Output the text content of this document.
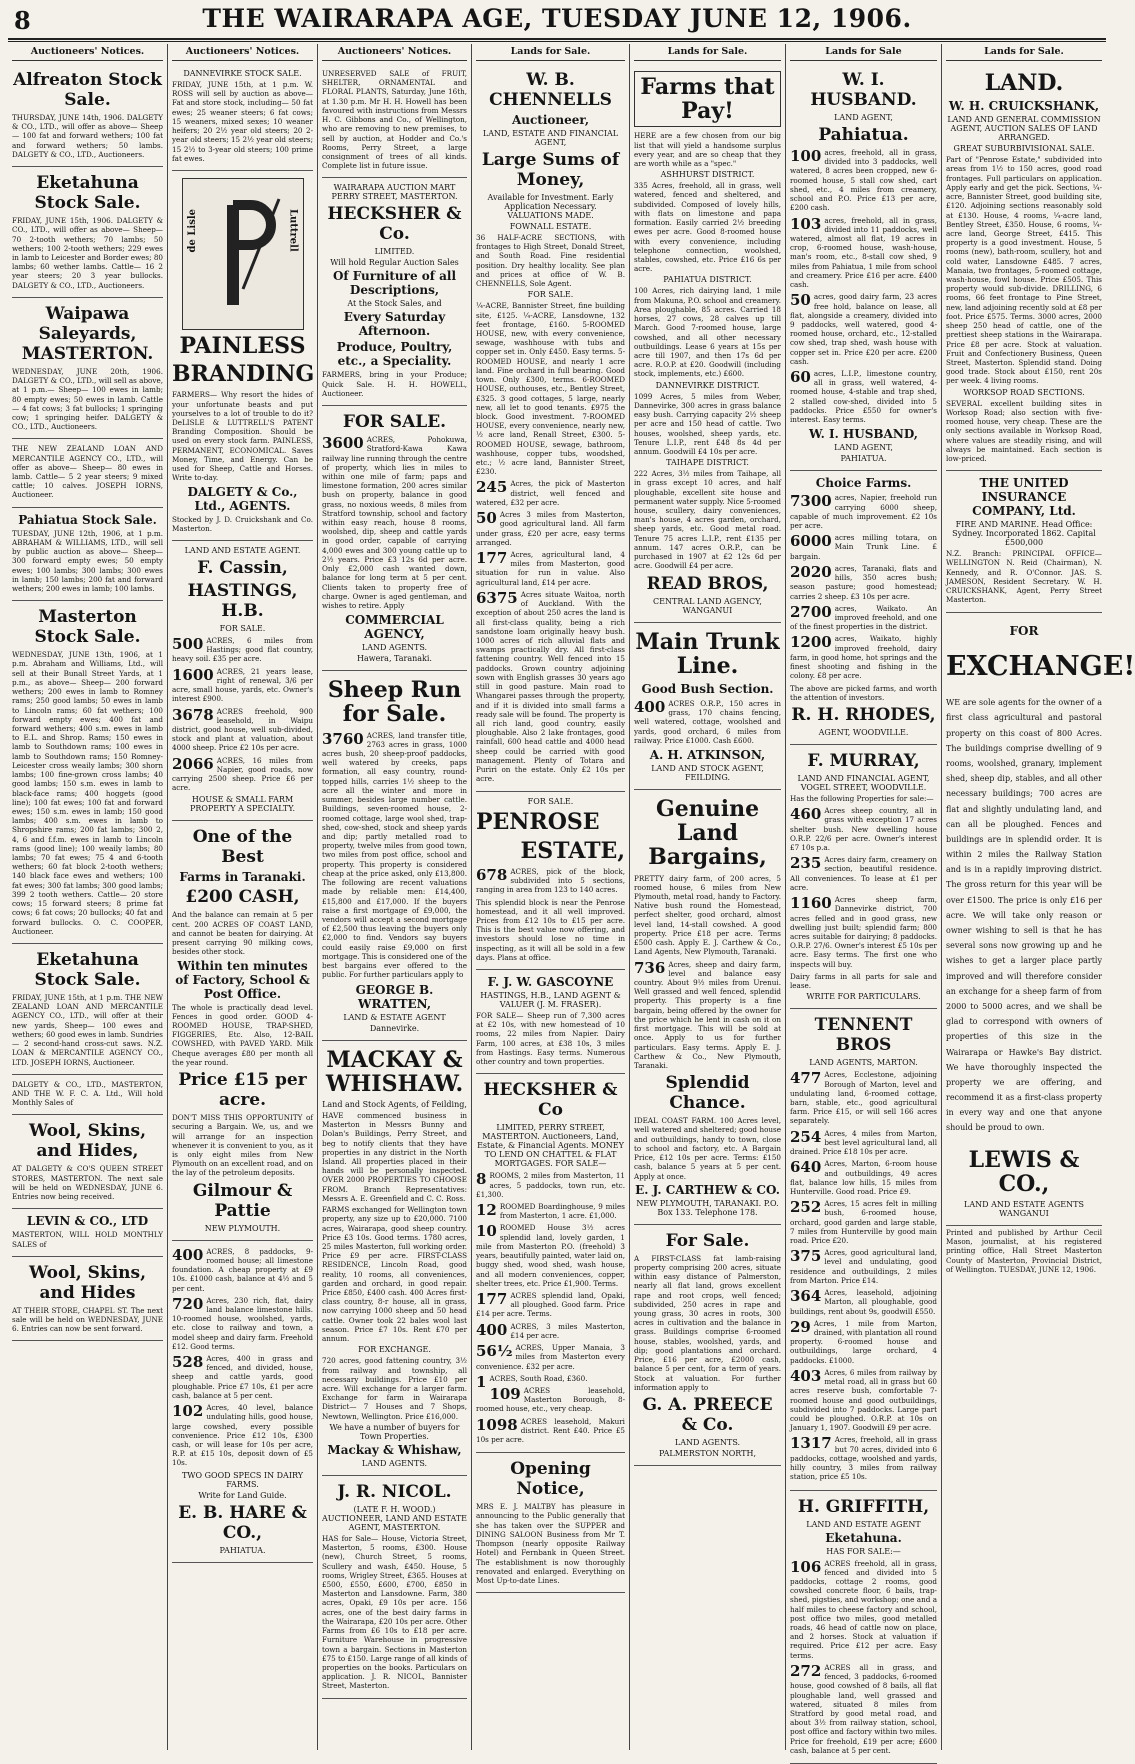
8	THE WAIRARAPA AGE, TUESDAY JUNE 12, 1906.
Auctioneers' Notices.
Alfreaton Stock Sale.
THURSDAY, JUNE 14th, 1906. DALGETY & CO., LTD., will offer as above— Sheep— 100 fat and forward wethers; 100 fat and forward wethers; 50 lambs. DALGETY & CO., LTD., Auctioneers.
Eketahuna Stock Sale.
FRIDAY, JUNE 15th, 1906. DALGETY & CO., LTD., will offer as above— Sheep— 70 2-tooth wethers; 70 lambs; 50 wethers; 100 2-tooth wethers; 229 ewes in lamb to Leicester and Border ewes; 80 lambs; 60 wether lambs. Cattle— 16 2 year steers; 20 3 year bullocks. DALGETY & CO., LTD., Auctioneers.
Waipawa Saleyards, MASTERTON.
WEDNESDAY, JUNE 20th, 1906. DALGETY & CO., LTD., will sell as above, at 1 p.m.— Sheep— 100 ewes in lamb; 80 empty ewes; 50 ewes in lamb. Cattle— 4 fat cows; 3 fat bullocks; 1 springing cow; 1 springing heifer. DALGETY & CO., LTD., Auctioneers.
THE NEW ZEALAND LOAN AND MERCANTILE AGENCY CO., LTD., will offer as above— Sheep— 80 ewes in lamb. Cattle— 5 2 year steers; 9 mixed cattle; 10 calves. JOSEPH IORNS, Auctioneer.
Pahiatua Stock Sale.
TUESDAY, JUNE 12th, 1906, at 1 p.m. ABRAHAM & WILLIAMS, LTD., will sell by public auction as above— Sheep— 300 forward empty ewes; 50 empty ewes; 100 lambs; 300 lambs; 300 ewes in lamb; 150 lambs; 200 fat and forward wethers; 200 ewes in lamb; 100 lambs.
Masterton Stock Sale.
WEDNESDAY, JUNE 13th, 1906, at 1 p.m. Abraham and Williams, Ltd., will sell at their Bunall Street Yards, at 1 p.m., as above— Sheep— 200 forward wethers; 200 ewes in lamb to Romney rams; 250 good lambs; 50 ewes in lamb to Lincoln rams; 60 fat wethers; 100 forward empty ewes; 400 fat and forward wethers; 400 s.m. ewes in lamb to E.L. and Shrop. Rams; 150 ewes in lamb to Southdown rams; 100 ewes in lamb to Southdown rams; 150 Romney-Leicester cross weaily lambs; 300 shorn lambs; 100 fine-grown cross lambs; 40 good lambs; 150 s.m. ewes in lamb to black-face rams; 400 hoggets (good line); 100 fat ewes; 100 fat and forward ewes; 150 s.m. ewes in lamb; 150 good lambs; 400 s.m. ewes in lamb to Shropshire rams; 200 fat lambs; 300 2, 4, 6 and f.f.m. ewes in lamb to Lincoln rams (good line); 100 weaily lambs; 80 lambs; 70 fat ewes; 75 4 and 6-tooth wethers; 60 fat block 2-tooth wethers; 140 black face ewes and wethers; 100 fat ewes; 300 fat lambs; 300 good lambs; 399 2 tooth wethers. Cattle— 20 store cows; 15 forward steers; 8 prime fat cows; 6 fat cows; 20 bullocks; 40 fat and forward bullocks. O. C. COOPER, Auctioneer.
Eketahuna Stock Sale.
FRIDAY, JUNE 15th, at 1 p.m. THE NEW ZEALAND LOAN AND MERCANTILE AGENCY CO., LTD., will offer at their new yards, Sheep— 100 ewes and wethers; 60 good ewes in lamb. Sundries— 2 second-hand cross-cut saws. N.Z. LOAN & MERCANTILE AGENCY CO., LTD. JOSEPH IORNS, Auctioneer.
DALGETY & CO., LTD., MASTERTON, AND THE W. F. C. A. Ltd., Will hold Monthly Sales of
Wool, Skins, and Hides,
AT DALGETY & CO'S QUEEN STREET STORES, MASTERTON. The next sale will be held on WEDNESDAY, JUNE 6. Entries now being received.
LEVIN & CO., LTD
MASTERTON, WILL HOLD MONTHLY SALES of
Wool, Skins, and Hides
AT THEIR STORE, CHAPEL ST. The next sale will be held on WEDNESDAY, JUNE 6. Entries can now be sent forward.
Auctioneers' Notices.
DANNEVIRKE STOCK SALE.
FRIDAY, JUNE 15th, at 1 p.m. W. ROSS will sell by auction as above— Fat and store stock, including— 50 fat ewes; 25 weaner steers; 6 fat cows; 15 weaners, mixed sexes; 10 weaner heifers; 20 2½ year old steers; 20 2-year old steers; 15 2½ year old steers; 15 2½ to 3-year old steers; 100 prime fat ewes.
de Lisle	Luttrell
PAINLESS
BRANDING
FARMERS— Why resort the hides of your unfortunate beasts and put yourselves to a lot of trouble to do it? DeLISLE & LUTTRELL'S PATENT Branding Composition. Should be used on every stock farm. PAINLESS, PERMANENT, ECONOMICAL. Saves Money, Time, and Energy. Can be used for Sheep, Cattle and Horses. Write to-day.
DALGETY & Co., Ltd., AGENTS.
Stocked by J. D. Cruickshank and Co. Masterton.
LAND AND ESTATE AGENT.
F. Cassin,
HASTINGS, H.B.
FOR SALE.
500 ACRES, 6 miles from Hastings; good flat country, heavy soil. £35 per acre.
1600 ACRES, 21 years lease, right of renewal, 3/6 per acre, small house, yards, etc. Owner's interest £900.
3678 ACRES freehold, 900 leasehold, in Waipu district, good house, well sub-divided, stock and plant at valuation, about 4000 sheep. Price £2 10s per acre.
2066 ACRES, 16 miles from Napier, good roads, now carrying 2500 sheep. Price £6 per acre.
HOUSE & SMALL FARM PROPERTY A SPECIALTY.
One of the Best
Farms in Taranaki.
£200 CASH,
And the balance can remain at 5 per cent. 200 ACRES OF COAST LAND, and cannot be beaten for dairying. At present carrying 90 milking cows, besides other stock.
Within ten minutes of Factory, School & Post Office.
The whole is practically dead level. Fences in good order. GOOD 4-ROOMED HOUSE, TRAP-SHED, FIGGERIES, Etc. Also, 12-BAIL COWSHED, with PAVED YARD. Milk Cheque averages £80 per month all the year round.
Price £15 per acre.
DON'T MISS THIS OPPORTUNITY of securing a Bargain. We, us, and we will arrange for an inspection whenever it is convenient to you, as it is only eight miles from New Plymouth on an excellent road, and on the lay of the petroleum deposits.
Gilmour & Pattie
NEW PLYMOUTH.
400 ACRES, 8 paddocks, 9-roomed house; all limestone foundation. A cheap property at £9 10s. £1000 cash, balance at 4½ and 5 per cent.
720 Acres, 230 rich, flat, dairy land balance limestone hills. 10-roomed house, woolshed, yards, etc. close to railway and town, a model sheep and dairy farm. Freehold £12. Good terms.
528 Acres, 400 in grass and fenced, and divided, house, sheep and cattle yards, good ploughable. Price £7 10s, £1 per acre cash, balance at 5 per cent.
102 Acres, 40 level, balance undulating hills, good house, large cowshed, every possible convenience. Price £12 10s, £300 cash, or will lease for 10s per acre, R.P. at £15 10s, deposit down of £5 10s.
TWO GOOD SPECS IN DAIRY FARMS.
Write for Land Guide.
E. B. HARE & CO.,
PAHIATUA.
Auctioneers' Notices.
UNRESERVED SALE of FRUIT, SHELTER, ORNAMENTAL and FLORAL PLANTS, Saturday, June 16th, at 1.30 p.m. Mr H. H. Howell has been favoured with instructions from Messrs H. C. Gibbons and Co., of Wellington, who are removing to new premises, to sell by auction, at Hodder and Co.'s Rooms, Perry Street, a large consignment of trees of all kinds. Complete list in future issue.
WAIRARAPA AUCTION MART PERRY STREET, MASTERTON.
HECKSHER & Co.
LIMITED.
Will hold Regular Auction Sales
Of Furniture of all Descriptions,
At the Stock Sales, and
Every Saturday Afternoon.
Produce, Poultry, etc., a Speciality.
FARMERS, bring in your Produce; Quick Sale. H. H. HOWELL, Auctioneer.
FOR SALE.
3600 ACRES, Pohokuwa, Stratford-Kawa Kawa railway line running through the centre of property, which lies in miles to within one mile of farm; paps and limestone formation, 200 acres similar bush on property, balance in good grass, no noxious weeds, 8 miles from Stratford township, school and factory within easy reach, house 8 rooms, woolshed, dip, sheep and cattle yards in good order, capable of carrying 4,000 ewes and 300 young cattle up to 2½ years. Price £3 12s 6d per acre. Only £2,000 cash wanted down, balance for long term at 5 per cent. Clients taken to property free of charge. Owner is aged gentleman, and wishes to retire. Apply
COMMERCIAL AGENCY,
LAND AGENTS.
Hawera, Taranaki.
Sheep Run for Sale.
3760 ACRES, land transfer title, 2763 acres in grass, 1000 acres bush, 20 sheep-proof paddocks, well watered by creeks, paps formation, all easy country, round-topped hills, carries 1½ sheep to the acre all the winter and more in summer, besides large number cattle. Buildings, seven-roomed house, 2-roomed cottage, large wool shed, trap-shed, cow-shed, stock and sheep yards and dip; partly metalled road to property, twelve miles from good town, two miles from post office, school and property. This property is considered cheap at the price asked, only £13,800. The following are recent valuations made by reliable men: £14,400, £15,800 and £17,000. If the buyers raise a first mortgage of £9,000, the vendors will accept a second mortgage of £2,500 thus leaving the buyers only £2,000 to find. Vendors say buyers could easily raise £9,000 on first mortgage. This is considered one of the best bargains ever offered to the public. For further particulars apply to
GEORGE B. WRATTEN,
LAND & ESTATE AGENT
Dannevirke.
MACKAY & WHISHAW.
Land and Stock Agents, of Feilding,
HAVE commenced business in Masterton in Messrs Bunny and Dolan's Buildings, Perry Street, and beg to notify clients that they have properties in any district in the North Island. All properties placed in their hands will be personally inspected. OVER 2000 PROPERTIES TO CHOOSE FROM. Branch Representatives: Messrs A. E. Greenfield and C. C. Ross.
FARMS exchanged for Wellington town property, any size up to £20,000. 7100 acres, Wairarapa, good sheep country. Price £3 10s. Good terms. 1780 acres, 25 miles Masterton, full working order. Price £9 per acre. FIRST-CLASS RESIDENCE, Lincoln Road, good reality, 10 rooms, all conveniences, garden and orchard, in good repair. Price £850, £400 cash. 400 Acres first-class country, 8-r house, all in grass, now carrying 1000 sheep and 50 head cattle. Owner took 22 bales wool last season. Price £7 10s. Rent £70 per annum.
FOR EXCHANGE.
720 acres, good fattening country, 3½ from railway and township, all necessary buildings. Price £10 per acre. Will exchange for a larger farm. Exchange for farm in Wairarapa District— 7 Houses and 7 Shops, Newtown, Wellington. Price £16,000.
We have a number of buyers for Town Properties.
Mackay & Whishaw,
LAND AGENTS.
J. R. NICOL.
(LATE F. H. WOOD.) AUCTIONEER, LAND AND ESTATE AGENT, MASTERTON.
HAS for Sale— House, Victoria Street, Masterton, 5 rooms, £300. House (new), Church Street, 5 rooms, Scullery and wash, £450. House, 5 rooms, Wrigley Street, £365. Houses at £500, £550, £600, £700, £850 in Masterton and Lansdowne. Farm, 380 acres, Opaki, £9 10s per acre. 156 acres, one of the best dairy farms in the Wairarapa, £20 10s per acre. Other Farms from £6 10s to £18 per acre. Furniture Warehouse in progressive town a bargain. Sections in Masterton £75 to £150. Large range of all kinds of properties on the books. Particulars on application. J. R. NICOL, Bannister Street, Masterton.
Lands for Sale.
W. B. CHENNELLS
Auctioneer,
LAND, ESTATE AND FINANCIAL AGENT,
Large Sums of Money,
Available for Investment. Early Application Necessary. VALUATIONS MADE.
FOWNALL ESTATE.
36 HALF-ACRE SECTIONS, with frontages to High Street, Donald Street, and South Road. Fine residential position. Dry healthy locality. See plan and prices at office of W. B. CHENNELLS, Sole Agent.
FOR SALE.
¼-ACRE, Bannister Street, fine building site, £125. ¼-ACRE, Lansdowne, 132 feet frontage, £160. 5-ROOMED HOUSE, new, with every convenience, sewage, washhouse with tubs and copper set in. Only £450. Easy terms. 5-ROOMED HOUSE, and nearly 1 acre land. Fine orchard in full bearing. Good town. Only £300, terms. 6-ROOMED HOUSE, outhouses, etc., Bentley Street, £325. 3 good cottages, 5 large, nearly new, all let to good tenants. £975 the block. Good investment. 7-ROOMED HOUSE, every convenience, nearly new, ½ acre land, Renall Street, £300. 5-ROOMED HOUSE, sewage, bathroom, washhouse, copper tubs, woodshed, etc.; ½ acre land, Bannister Street, £230.
245 Acres, the pick of Masterton district, well fenced and watered, £32 per acre.
50 Acres 3 miles from Masterton, good agricultural land. All farm under grass, £20 per acre, easy terms arranged.
177 Acres, agricultural land, 4 miles from Masterton, good situation for run in value. Also agricultural land, £14 per acre.
6375 Acres situate Waitoa, north of Auckland. With the exception of about 250 acres the land is all first-class quality, being a rich sandstone loam originally heavy bush. 1000 acres of rich alluvial flats and swamps practically dry. All first-class fattening country. Well fenced into 15 paddocks. Grown country adjoining sown with English grasses 30 years ago still in good pasture. Main road to Whangarei passes through the property, and if it is divided into small farms a ready sale will be found. The property is all rich land, good country, easily ploughable. Also 2 lake frontages, good rainfall, 600 head cattle and 4000 head sheep could be carried with good management. Plenty of Totara and Puriri on the estate. Only £2 10s per acre.
FOR SALE.
PENROSE
ESTATE,
678 ACRES, pick of the block, subdivided into 5 sections, ranging in area from 123 to 140 acres.
This splendid block is near the Penrose homestead, and it all well improved. Prices from £12 10s to £15 per acre. This is the best value now offering, and investors should lose no time in inspecting, as it will all be sold in a few days. Plans at office.
F. J. W. GASCOYNE
HASTINGS, H.B., LAND AGENT & VALUER (J. M. FRASER).
FOR SALE— Sheep run of 7,300 acres at £2 10s, with new homestead of 10 rooms, 22 miles from Napier. Dairy Farm, 100 acres, at £38 10s, 3 miles from Hastings. Easy terms. Numerous other country and town properties.
HECKSHER & Co
LIMITED, PERRY STREET, MASTERTON. Auctioneers, Land, Estate, & Financial Agents. MONEY TO LEND ON CHATTEL & FLAT MORTGAGES. FOR SALE—
8 ROOMS, 2 miles from Masterton, 11 acres, 5 paddocks, town run, etc. £1,300.
12 ROOMED Boardinghouse, 9 miles from Masterton, 1 acre. £1,000.
10 ROOMED House 3½ acres splendid land, lovely garden, 1 mile from Masterton P.O. (freehold) 3 years, beautifully painted, water laid on, buggy shed, wood shed, wash house, and all modern conveniences, copper, shelter trees, etc. Price £1,900. Terms.
177 ACRES splendid land, Opaki, all ploughed. Good farm. Price £14 per acre. Terms.
400 ACRES, 3 miles Masterton, £14 per acre.
56½ ACRES, Upper Manaia, 3 miles from Masterton every convenience. £32 per acre.
1 ACRES, South Road, £360.
109 ACRES leasehold, Masterton Borough, 8-roomed house, etc., very cheap.
1098 ACRES leasehold, Makuri district. Rent £40. Price £5 10s per acre.
Opening Notice,
MRS E. J. MALTBY has pleasure in announcing to the Public generally that she has taken over the SUPPER and DINING SALOON Business from Mr T. Thompson (nearly opposite Railway Hotel) and Fernbank in Queen Street. The establishment is now thoroughly renovated and enlarged. Everything on Most Up-to-date Lines.
Lands for Sale.
Farms that Pay!
HERE are a few chosen from our big list that will yield a handsome surplus every year, and are so cheap that they are worth while as a "spec."
ASHHURST DISTRICT.
335 Acres, freehold, all in grass, well watered, fenced and sheltered, and subdivided. Composed of lovely hills, with flats on limestone and papa formation. Easily carried 2½ breeding ewes per acre. Good 8-roomed house with every convenience, including telephone connection, woolshed, stables, cowshed, etc. Price £16 6s per acre.
PAHIATUA DISTRICT.
100 Acres, rich dairying land, 1 mile from Makuna, P.O. school and creamery. Area ploughable, 85 acres. Carried 18 horses, 27 cows, 28 calves up till March. Good 7-roomed house, large cowshed, and all other necessary outbuildings. Lease 6 years at 15s per acre till 1907, and then 17s 6d per acre. R.O.P. at £20. Goodwill (including stock, implements, etc.) £600.
DANNEVIRKE DISTRICT.
1099 Acres, 5 miles from Weber, Dannevirke, 300 acres in grass balance easy bush. Carrying capacity 2½ sheep per acre and 150 head of cattle. Two houses, woolshed, sheep yards, etc. Tenure L.I.P., rent £48 8s 4d per annum. Goodwill £4 10s per acre.
TAIHAPE DISTRICT.
222 Acres, 3½ miles from Taihape, all in grass except 10 acres, and half ploughable, excellent site house and permanent water supply. Nice 5-roomed house, scullery, dairy conveniences, man's house, 4 acres garden, orchard, sheep yards, etc. Good metal road. Tenure 75 acres L.I.P., rent £135 per annum. 147 acres O.R.P., can be purchased in 1907 at £2 12s 6d per acre. Goodwill £4 per acre.
READ BROS,
CENTRAL LAND AGENCY, WANGANUI
Main Trunk Line.
Good Bush Section.
400 ACRES O.R.P., 150 acres in grass, 170 chains fencing, well watered, cottage, woolshed and yards, good orchard, 6 miles from railway. Price £1000. Cash £600.
A. H. ATKINSON,
LAND AND STOCK AGENT, FEILDING.
Genuine Land Bargains,
PRETTY dairy farm, of 200 acres, 5 roomed house, 6 miles from New Plymouth, metal road, handy to Factory. Native bush round the Homestead, perfect shelter, good orchard, almost level land, 14-stall cowshed. A good property. Price £18 per acre. Terms £500 cash. Apply E. J. Carthew & Co., Land Agents, New Plymouth, Taranaki.
736 Acres, sheep and dairy farm, level and balance easy country. About 9½ miles from Urenui. Well grassed and well fenced, splendid property. This property is a fine bargain, being offered by the owner for the price which he lent in cash on it on first mortgage. This will be sold at once. Apply to us for further particulars. Easy terms. Apply E. J. Carthew & Co., New Plymouth, Taranaki.
Splendid Chance.
IDEAL COAST FARM. 100 Acres level, well watered and sheltered; good house and outbuildings, handy to town, close to school and factory, etc. A Bargain Price, £12 10s per acre. Terms: £150 cash, balance 5 years at 5 per cent. Apply at once.
E. J. CARTHEW & CO.
NEW PLYMOUTH, TARANAKI. P.O. Box 133. Telephone 178.
For Sale.
A FIRST-CLASS fat lamb-raising property comprising 200 acres, situate within easy distance of Palmerston, nearly all flat land, grows excellent rape and root crops, well fenced; subdivided, 250 acres in rape and young grass, 30 acres in roots, 300 acres in cultivation and the balance in grass. Buildings comprise 6-roomed house, stables, woolshed, yards, and dip; good plantations and orchard. Price, £16 per acre, £2000 cash, balance 5 per cent, for a term of years. Stock at valuation. For further information apply to
G. A. PREECE & Co.
LAND AGENTS.
PALMERSTON NORTH,
Lands for Sale
W. I. HUSBAND.
LAND AGENT,
Pahiatua.
100 acres, freehold, all in grass, divided into 3 paddocks, well watered, 8 acres been cropped, new 6-roomed house, 5 stall cow shed, cart shed, etc., 4 miles from creamery, school and P.O. Price £13 per acre, £200 cash.
103 acres, freehold, all in grass, divided into 11 paddocks, well watered, almost all flat, 19 acres in crop, 6-roomed house, wash-house, man's room, etc., 8-stall cow shed, 9 miles from Pahiatua, 1 mile from school and creamery. Price £16 per acre. £400 cash.
50 acres, good dairy farm, 23 acres free hold, balance on lease, all flat, alongside a creamery, divided into 9 paddocks, well watered, good 4-roomed house, orchard, etc., 12-stalled cow shed, trap shed, wash house with copper set in. Price £20 per acre. £200 cash.
60 acres, L.I.P., limestone country, all in grass, well watered, 4-roomed house, 4-stable and trap shed, 2 stalled cow-shed, divided into 5 paddocks. Price £550 for owner's interest. Easy terms.
W. I. HUSBAND,
LAND AGENT,
PAHIATUA.
Choice Farms.
7300 acres, Napier, freehold run carrying 6000 sheep, capable of much improvement. £2 10s per acre.
6000 acres milling totara, on Main Trunk Line. £ bargain.
2020 acres, Taranaki, flats and hills, 350 acres bush; season pasture; good homestead; carries 2 sheep. £3 10s per acre.
2700 acres, Waikato. An improved freehold, and one of the finest properties in the district.
1200 acres, Waikato, highly improved freehold, dairy farm, in good home, hot springs and the finest shooting and fishing in the colony. £8 per acre.
The above are picked farms, and worth the attention of investors.
R. H. RHODES,
AGENT, WOODVILLE.
F. MURRAY,
LAND AND FINANCIAL AGENT, VOGEL STREET, WOODVILLE.
Has the following Properties for sale:—
460 Acres sheep country, all in grass with exception 17 acres shelter bush. New dwelling house O.R.P. 22/6 per acre. Owner's interest £7 10s p.a.
235 Acres dairy farm, creamery on section, beautiful residence. All conveniences. To lease at £1 per acre.
1160 Acres sheep farm, Dannevirke district, 700 acres felled and in good grass, new dwelling just built; splendid farm; 800 acres suitable for dairying; 8 paddocks. O.R.P. 27/6. Owner's interest £5 10s per acre. Easy terms. The first one who inspects will buy.
Dairy farms in all parts for sale and lease.
WRITE FOR PARTICULARS.
TENNENT BROS
LAND AGENTS, MARTON.
477 Acres, Ecclestone, adjoining Borough of Marton, level and undulating land, 6-roomed cottage, barn, stable, etc., good agricultural farm. Price £15, or will sell 166 acres separately.
254 Acres, 4 miles from Marton, best level agricultural land, all drained. Price £18 10s per acre.
640 Acres, Marton, 6-room house and outbuildings, 49 acres flat, balance low hills, 15 miles from Hunterville. Good road. Price £9.
252 Acres, 15 acres felt in milling bush, 6-roomed house, orchard, good garden and large stable, 7 miles from Hunterville by good main road. Price £20.
375 Acres, good agricultural land, level and undulating, good residence and outbuildings, 2 miles from Marton. Price £14.
364 Acres, leasehold, adjoining Marton, all ploughable, good buildings, rent about 9s, goodwill £550.
29 Acres, 1 mile from Marton, drained, with plantation all round property. 6-roomed house and outbuildings, large orchard, 4 paddocks. £1000.
403 Acres, 6 miles from railway by metal road, all in grass but 60 acres reserve bush, comfortable 7-roomed house and good outbuildings, subdivided into 7 paddocks. Large part could be ploughed. O.R.P. at 10s on January 1, 1907. Goodwill £9 per acre.
1317 Acres, freehold, all in grass but 70 acres, divided into 6 paddocks, cottage, woolshed and yards, hilly country, 3 miles from railway station, price £5 10s.
H. GRIFFITH,
LAND AND ESTATE AGENT
Eketahuna.
HAS FOR SALE:—
106 ACRES freehold, all in grass, fenced and divided into 5 paddocks, cottage 2 rooms, good cowshed concrete floor, 6 bails, trap-shed, pigsties, and workshop; one and a half miles to cheese factory and school, post office two miles, good metalled roads, 46 head of cattle now on place, and 2 horses. Stock at valuation if required. Price £12 per acre. Easy terms.
272 ACRES all in grass, and fenced, 3 paddocks, 6-roomed house, good cowshed of 8 bails, all flat ploughable land, well grassed and watered, situated 8 miles from Stratford by good metal road, and about 3½ from railway station, school, post office and factory within two miles. Price for freehold, £19 per acre; £600 cash, balance at 5 per cent.
Lands for Sale.
LAND.
W. H. CRUICKSHANK,
LAND AND GENERAL COMMISSION AGENT, AUCTION SALES OF LAND ARRANGED.
GREAT SUBURBIVISIONAL SALE.
Part of "Penrose Estate," subdivided into areas from 1½ to 150 acres, good road frontages. Full particulars on application. Apply early and get the pick. Sections, ¼-acre, Bannister Street, good building site, £120. Adjoining sections reasonably sold at £130. House, 4 rooms, ¼-acre land, Bentley Street, £350. House, 6 rooms, ¼-acre land, George Street, £415. This property is a good investment. House, 5 rooms (new), bath-room, scullery, hot and cold water, Lansdowne £485. 7 acres, Manaia, two frontages, 5-roomed cottage, wash-house, fowl house. Price £505. This property would sub-divide. DRILLING, 6 rooms, 66 feet frontage to Pine Street, new, land adjoining recently sold at £8 per foot. Price £575. Terms. 3000 acres, 2000 sheep 250 head of cattle, one of the prettiest sheep stations in the Wairarapa. Price £8 per acre. Stock at valuation. Fruit and Confectionery Business, Queen Street, Masterton. Splendid stand. Doing good trade. Stock about £150, rent 20s per week. 4 living rooms.
WORKSOP ROAD SECTIONS.
SEVERAL excellent building sites in Worksop Road; also section with five-roomed house, very cheap. These are the only sections available in Worksop Road, where values are steadily rising, and will always be maintained. Each section is low-priced.
THE UNITED INSURANCE COMPANY, Ltd.
FIRE AND MARINE. Head Office: Sydney. Incorporated 1862. Capital £500,000
N.Z. Branch: PRINCIPAL OFFICE—WELLINGTON N. Reid (Chairman), N. Kennedy, and R. O'Connor. JAS. S. JAMESON, Resident Secretary. W. H. CRUICKSHANK, Agent, Perry Street Masterton.
FOR
EXCHANGE!
WE are sole agents for the owner of a first class agricultural and pastoral property on this coast of 800 Acres. The buildings comprise dwelling of 9 rooms, woolshed, granary, implement shed, sheep dip, stables, and all other necessary buildings; 700 acres are flat and slightly undulating land, and can all be ploughed. Fences and buildings are in splendid order. It is within 2 miles the Railway Station and is in a rapidly improving district. The gross return for this year will be over £1500. The price is only £16 per acre. We will take only reason or owner wishing to sell is that he has several sons now growing up and he wishes to get a larger place partly improved and will therefore consider an exchange for a sheep farm of from 2000 to 5000 acres, and we shall be glad to correspond with owners of properties of this size in the Wairarapa or Hawke's Bay district. We have thoroughly inspected the property we are offering, and recommend it as a first-class property in every way and one that anyone should be proud to own.
LEWIS & CO.,
LAND AND ESTATE AGENTS WANGANUI
Printed and published by Arthur Cecil Mason, journalist, at his registered printing office, Hall Street Masterton County of Masterton, Provincial District, of Wellington. TUESDAY, JUNE 12, 1906.
